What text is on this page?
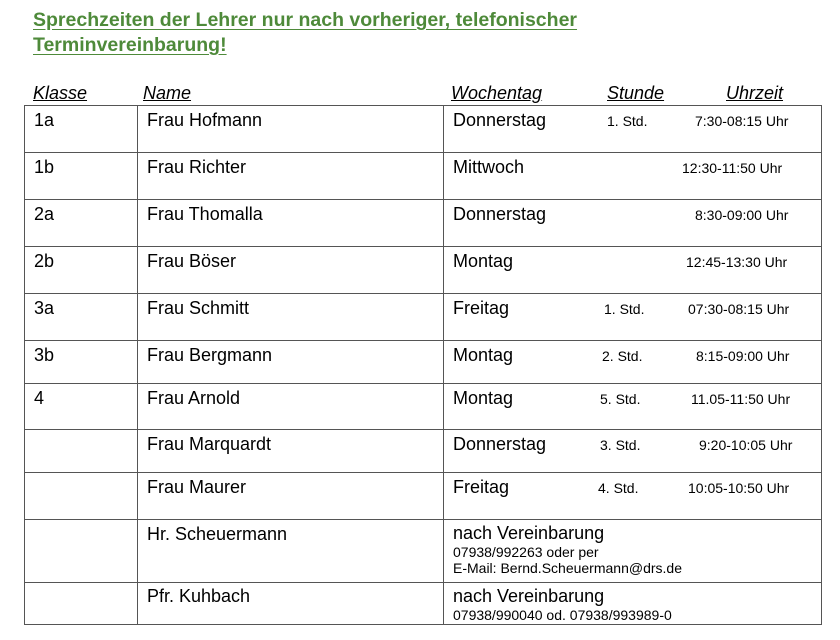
Sprechzeiten der Lehrer nur nach vorheriger, telefonischer
Terminvereinbarung!
Klasse	Name	Wochentag	Stunde	Uhrzeit
1a	Frau Hofmann	Donnerstag 1. Std. 7:30-08:15 Uhr

1b	Frau Richter	Mittwoch 12:30-11:50 Uhr

2a	Frau Thomalla	Donnerstag 8:30-09:00 Uhr

2b	Frau Böser	Montag 12:45-13:30 Uhr

3a	Frau Schmitt	Freitag 1. Std. 07:30-08:15 Uhr

3b	Frau Bergmann	Montag 2. Std. 8:15-09:00 Uhr

4	Frau Arnold	Montag 5. Std. 11.05-11:50 Uhr

	Frau Marquardt	Donnerstag 3. Std. 9:20-10:05 Uhr

	Frau Maurer	Freitag 4. Std. 10:05-10:50 Uhr

	Hr. Scheuermann	nach Vereinbarung
07938/992263 oder per
E-Mail: Bernd.Scheuermann@drs.de

	Pfr. Kuhbach	nach Vereinbarung
07938/990040 od. 07938/993989-0
